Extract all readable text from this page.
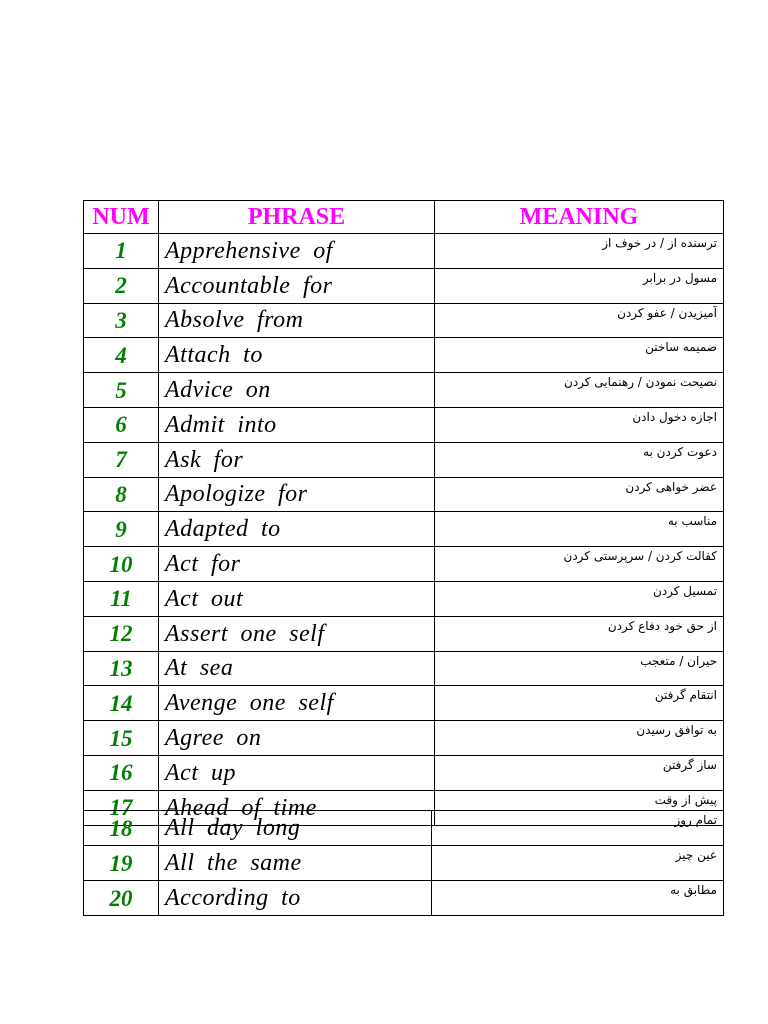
NUM	PHRASE	MEANING
1	Apprehensive of	ترسنده از / در خوف از
2	Accountable for	مسول در برابر
3	Absolve from	آمیزیدن / عفو کردن
4	Attach to	ضمیمه ساختن
5	Advice on	نصیحت نمودن / رهنمایی کردن
6	Admit into	اجازه دخول دادن
7	Ask for	دعوت کردن به
8	Apologize for	عضر خواهی کردن
9	Adapted to	مناسب به
10	Act for	کفالت کردن / سرپرستی کردن
11	Act out	تمسیل کردن
12	Assert one self	از حق خود دفاع کردن
13	At sea	حیران / متعجب
14	Avenge one self	انتقام گرفتن
15	Agree on	به توافق رسیدن
16	Act up	ساز گرفتن
17	Ahead of time	پیش از وقت
18	All day long	تمام روز
19	All the same	عین چیز
20	According to	مطابق به
